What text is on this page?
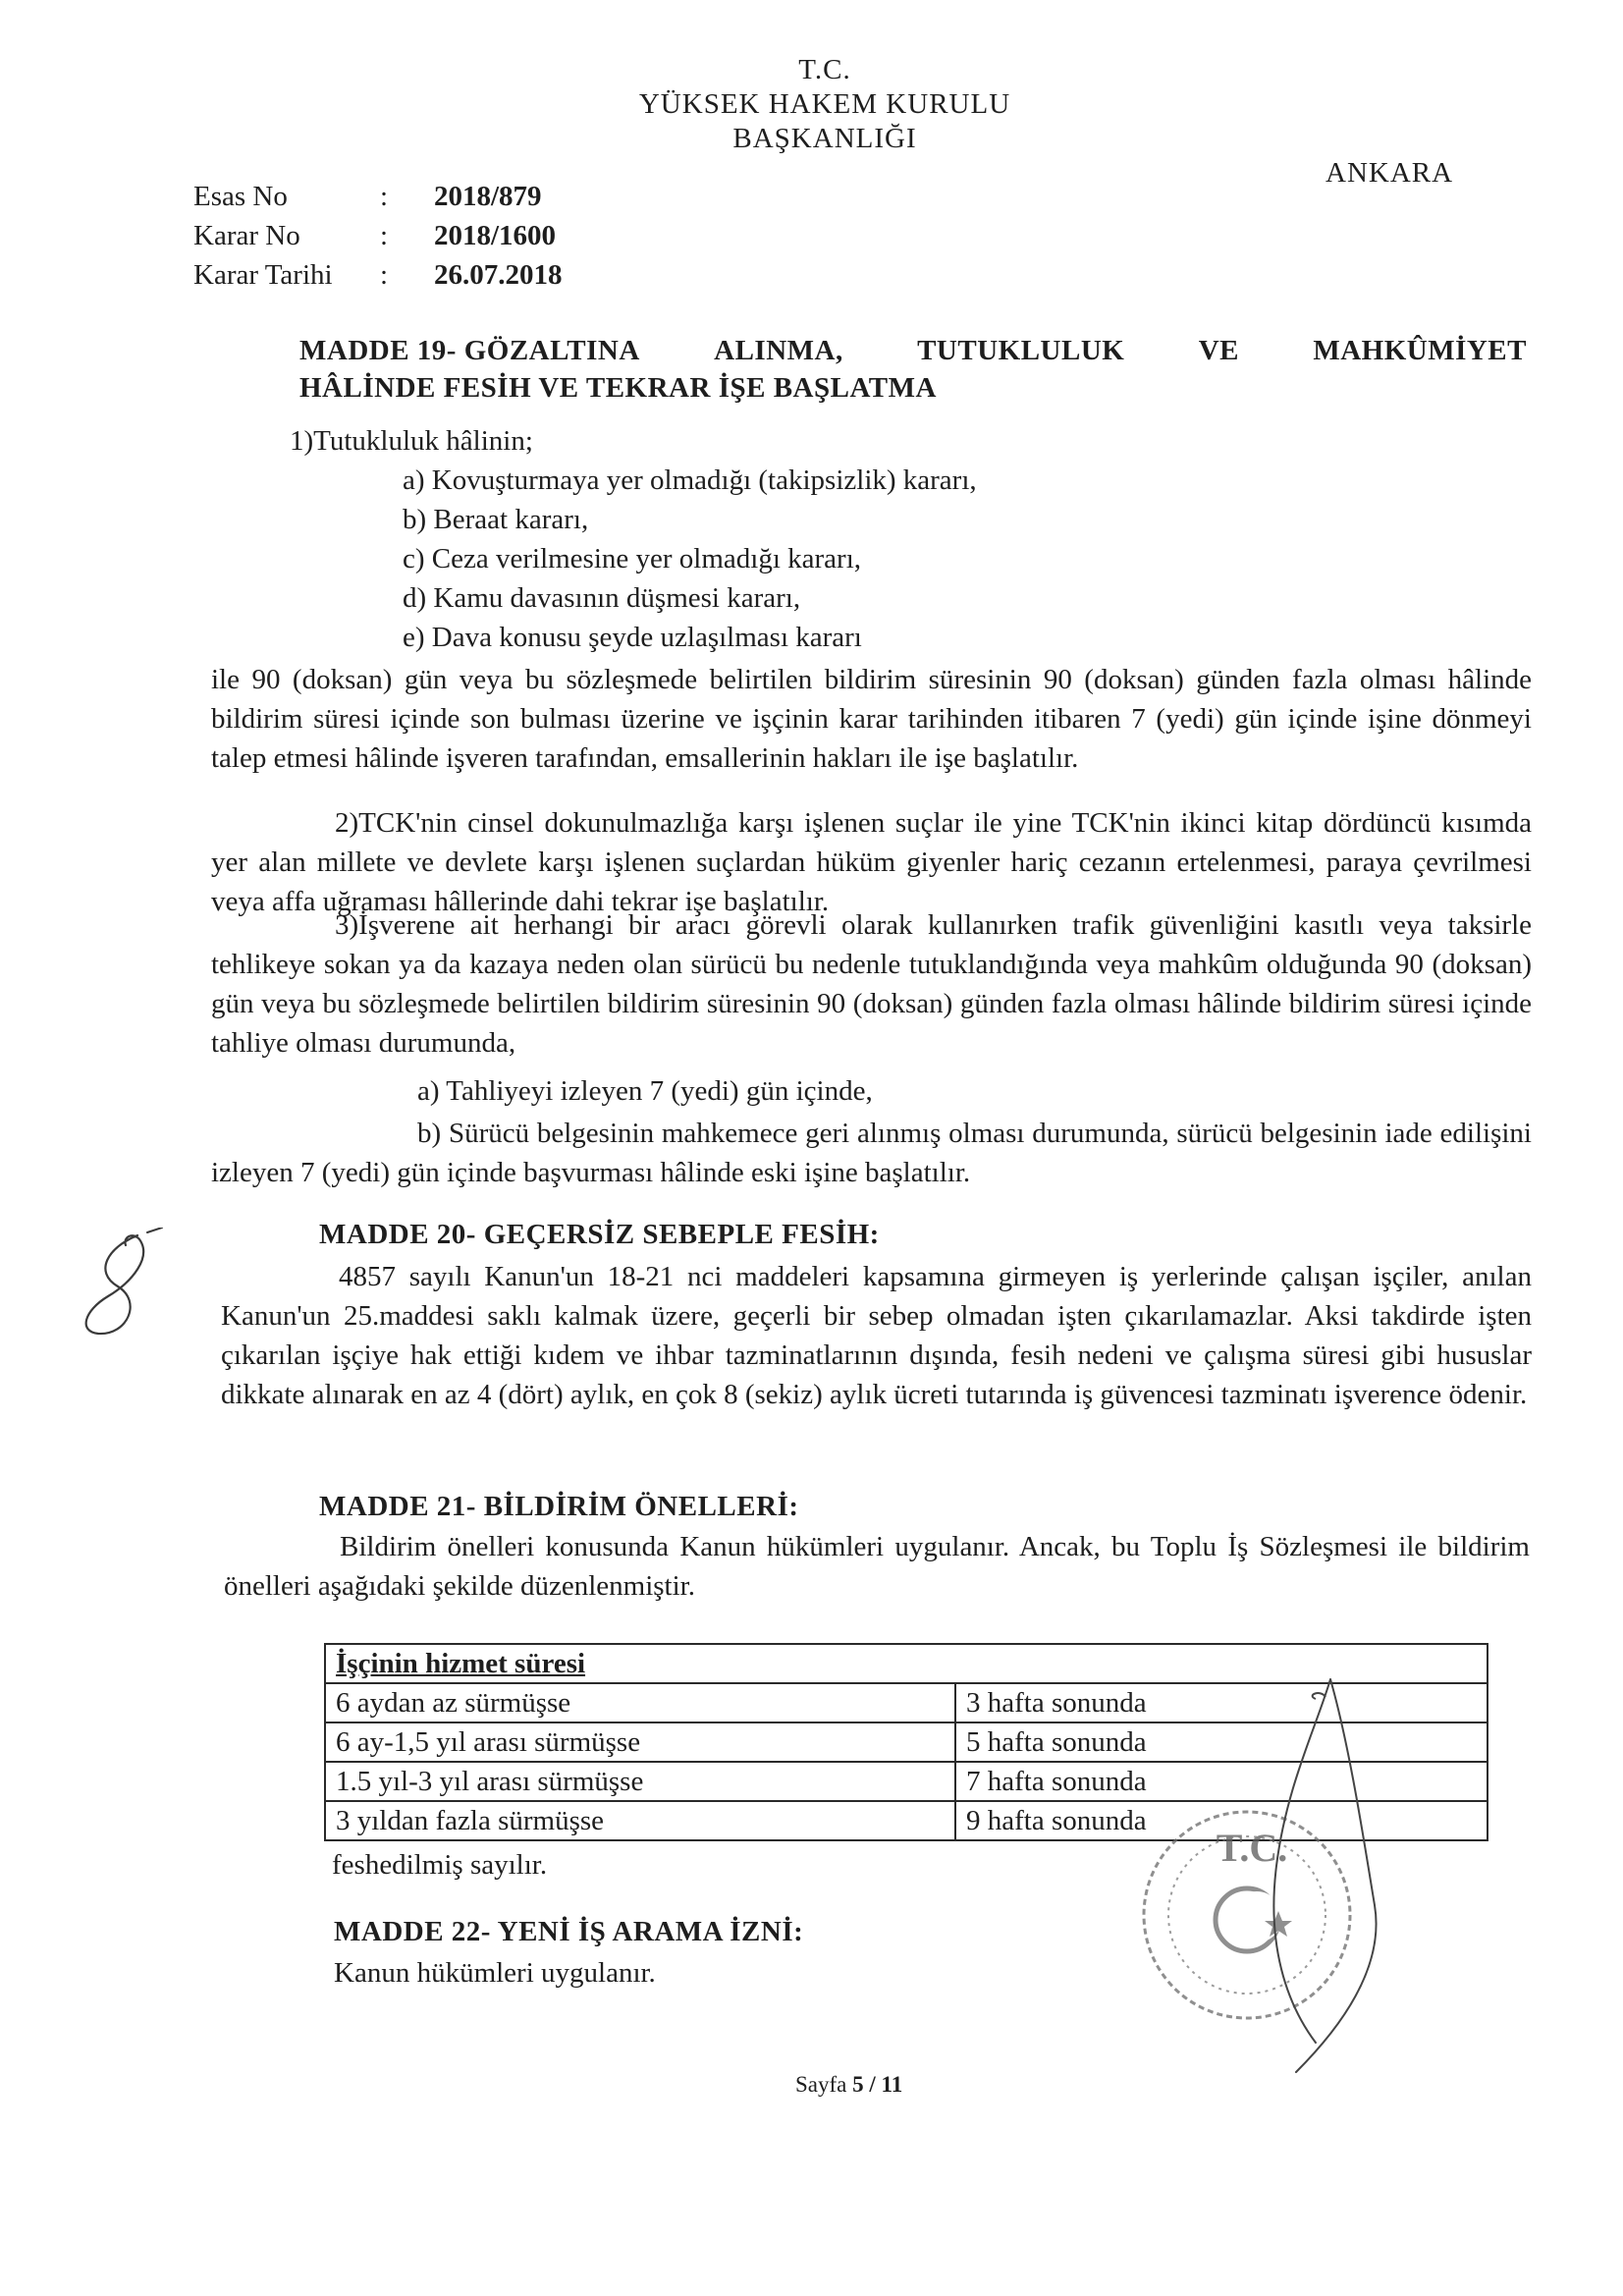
T.C.
YÜKSEK HAKEM KURULU
BAŞKANLIĞI
ANKARA
Esas No	:	2018/879
Karar No	:	2018/1600
Karar Tarihi	:	26.07.2018
MADDE 19- GÖZALTINA	ALINMA,	TUTUKLULUK	VE	MAHKÛMİYET
HÂLİNDE FESİH VE TEKRAR İŞE BAŞLATMA
1)Tutukluluk hâlinin;
a) Kovuşturmaya yer olmadığı (takipsizlik) kararı,
b) Beraat kararı,
c) Ceza verilmesine yer olmadığı kararı,
d) Kamu davasının düşmesi kararı,
e) Dava konusu şeyde uzlaşılması kararı
ile 90 (doksan) gün veya bu sözleşmede belirtilen bildirim süresinin 90 (doksan) günden fazla olması hâlinde bildirim süresi içinde son bulması üzerine ve işçinin karar tarihinden itibaren 7 (yedi) gün içinde işine dönmeyi talep etmesi hâlinde işveren tarafından, emsallerinin hakları ile işe başlatılır.
2)TCK'nin cinsel dokunulmazlığa karşı işlenen suçlar ile yine TCK'nin ikinci kitap dördüncü kısımda yer alan millete ve devlete karşı işlenen suçlardan hüküm giyenler hariç cezanın ertelenmesi, paraya çevrilmesi veya affa uğraması hâllerinde dahi tekrar işe başlatılır.
3)İşverene ait herhangi bir aracı görevli olarak kullanırken trafik güvenliğini kasıtlı veya taksirle tehlikeye sokan ya da kazaya neden olan sürücü bu nedenle tutuklandığında veya mahkûm olduğunda 90 (doksan) gün veya bu sözleşmede belirtilen bildirim süresinin 90 (doksan) günden fazla olması hâlinde bildirim süresi içinde tahliye olması durumunda,
a) Tahliyeyi izleyen 7 (yedi) gün içinde,
b) Sürücü belgesinin mahkemece geri alınmış olması durumunda, sürücü belgesinin iade edilişini izleyen 7 (yedi) gün içinde başvurması hâlinde eski işine başlatılır.
MADDE 20- GEÇERSİZ SEBEPLE FESİH:
4857 sayılı Kanun'un 18-21 nci maddeleri kapsamına girmeyen iş yerlerinde çalışan işçiler, anılan Kanun'un 25.maddesi saklı kalmak üzere, geçerli bir sebep olmadan işten çıkarılamazlar. Aksi takdirde işten çıkarılan işçiye hak ettiği kıdem ve ihbar tazminatlarının dışında, fesih nedeni ve çalışma süresi gibi hususlar dikkate alınarak en az 4 (dört) aylık, en çok 8 (sekiz) aylık ücreti tutarında iş güvencesi tazminatı işverence ödenir.
MADDE 21- BİLDİRİM ÖNELLERİ:
Bildirim önelleri konusunda Kanun hükümleri uygulanır. Ancak, bu Toplu İş Sözleşmesi ile bildirim önelleri aşağıdaki şekilde düzenlenmiştir.
İşçinin hizmet süresi	
6 aydan az sürmüşse	3 hafta sonunda
6 ay-1,5 yıl arası sürmüşse	5 hafta sonunda
1.5 yıl-3 yıl arası sürmüşse	7 hafta sonunda
3 yıldan fazla sürmüşse	9 hafta sonunda
feshedilmiş sayılır.
MADDE 22- YENİ İŞ ARAMA İZNİ:
Kanun hükümleri uygulanır.
Sayfa 5 / 11
T.C.
